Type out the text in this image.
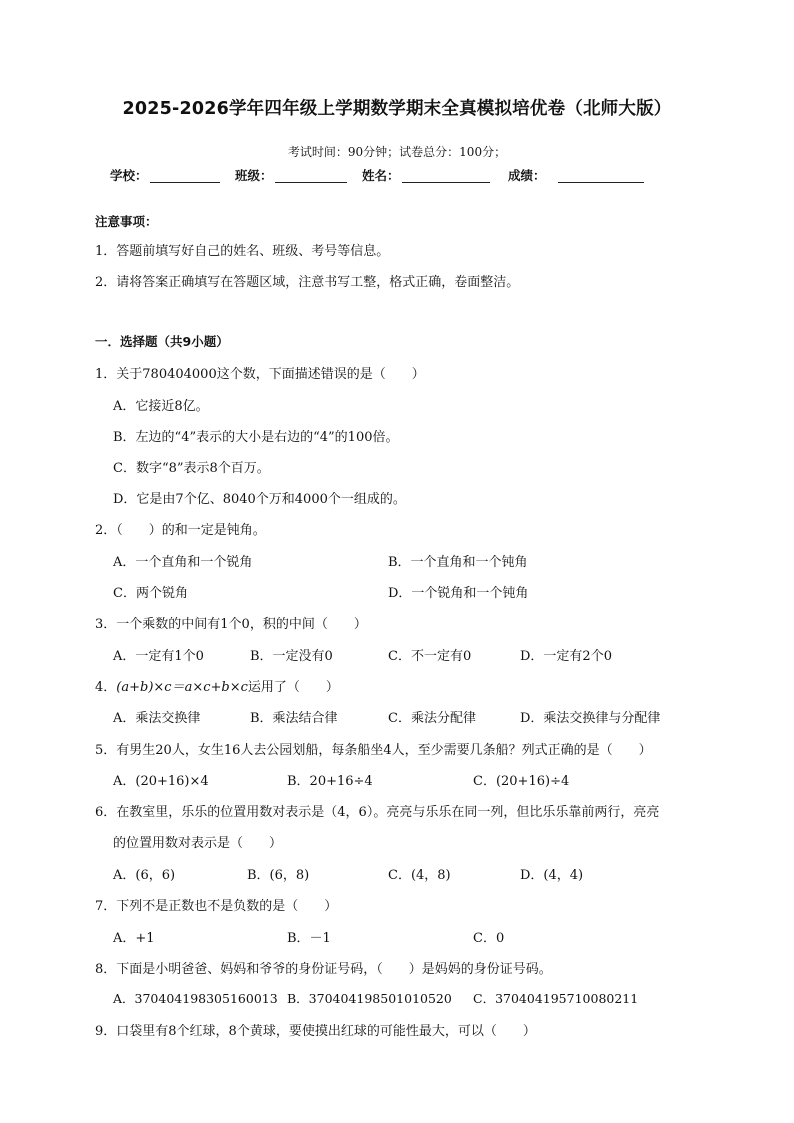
2025-2026学年四年级上学期数学期末全真模拟培优卷（北师大版）
考试时间：90分钟；试卷总分：100分；
学校：	班级：	姓名：	成绩：
注意事项：
1．答题前填写好自己的姓名、班级、考号等信息。
2．请将答案正确填写在答题区域，注意书写工整，格式正确，卷面整洁。
一．选择题（共9小题）
1．关于780404000这个数，下面描述错误的是（　　）
A．它接近8亿。
B．左边的“4”表示的大小是右边的“4”的100倍。
C．数字“8”表示8个百万。
D．它是由7个亿、8040个万和4000个一组成的。
2．（　　）的和一定是钝角。
A．一个直角和一个锐角	B．一个直角和一个钝角
C．两个锐角	D．一个锐角和一个钝角
3．一个乘数的中间有1个0，积的中间（　　）
A．一定有1个0	B．一定没有0	C．不一定有0	D．一定有2个0
4．(a+b)×c＝a×c+b×c运用了（　　）
A．乘法交换律	B．乘法结合律	C．乘法分配律	D．乘法交换律与分配律
5．有男生20人，女生16人去公园划船，每条船坐4人，至少需要几条船？列式正确的是（　　）
A．(20+16)×4	B．20+16÷4	C．(20+16)÷4
6．在教室里，乐乐的位置用数对表示是（4，6）。亮亮与乐乐在同一列，但比乐乐靠前两行，亮亮
的位置用数对表示是（　　）
A．(6，6)	B．(6，8)	C．(4，8)	D．(4，4)
7．下列不是正数也不是负数的是（　　）
A．+1	B．－1	C．0
8．下面是小明爸爸、妈妈和爷爷的身份证号码，（　　）是妈妈的身份证号码。
A．370404198305160013 B．370404198501010520 C．370404195710080211
9．口袋里有8个红球，8个黄球，要使摸出红球的可能性最大，可以（　　）
